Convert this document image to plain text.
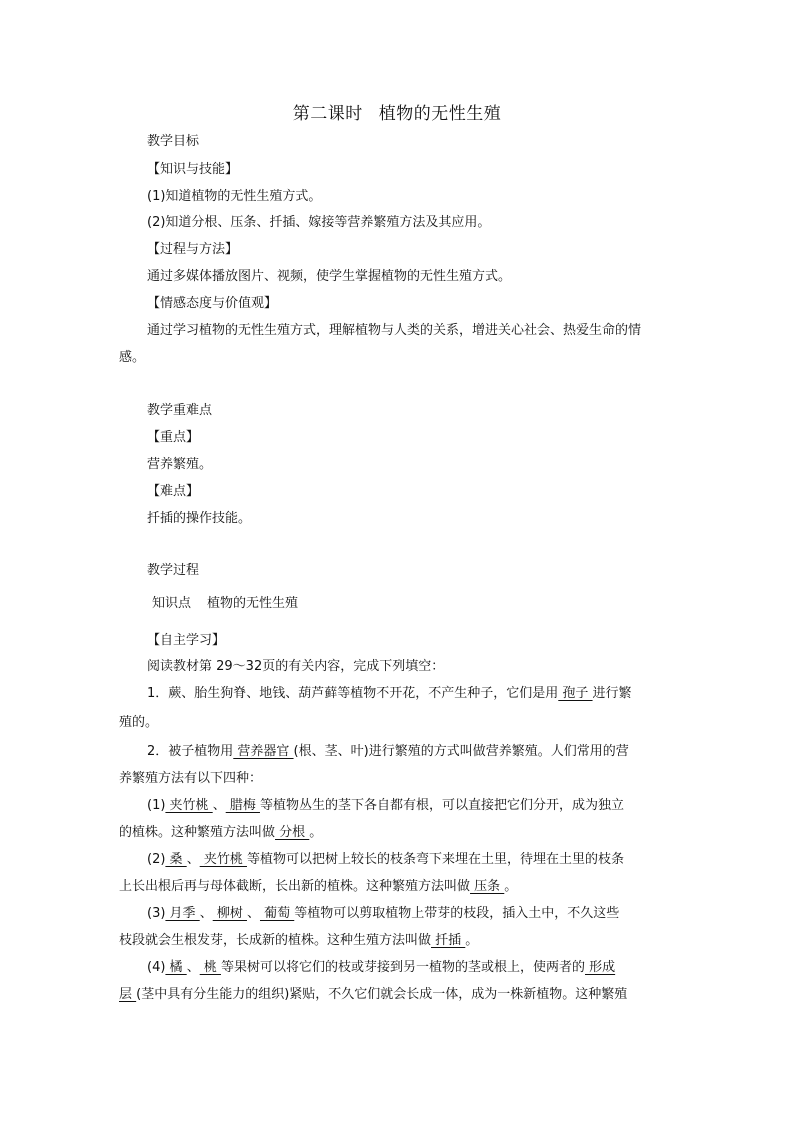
第二课时 植物的无性生殖
教学目标
【知识与技能】
(1)知道植物的无性生殖方式。
(2)知道分根、压条、扦插、嫁接等营养繁殖方法及其应用。
【过程与方法】
通过多媒体播放图片、视频，使学生掌握植物的无性生殖方式。
【情感态度与价值观】
通过学习植物的无性生殖方式，理解植物与人类的关系，增进关心社会、热爱生命的情
感。
教学重难点
【重点】
营养繁殖。
【难点】
扦插的操作技能。
教学过程
知识点 植物的无性生殖
【自主学习】
阅读教材第 29～32页的有关内容，完成下列填空：
1．蕨、胎生狗脊、地钱、葫芦藓等植物不开花，不产生种子，它们是用 孢子 进行繁
殖的。
2．被子植物用 营养器官 (根、茎、叶)进行繁殖的方式叫做营养繁殖。人们常用的营
养繁殖方法有以下四种：
(1) 夹竹桃 、 腊梅 等植物丛生的茎下各自都有根，可以直接把它们分开，成为独立
的植株。这种繁殖方法叫做 分根 。
(2) 桑 、 夹竹桃 等植物可以把树上较长的枝条弯下来埋在土里，待埋在土里的枝条
上长出根后再与母体截断，长出新的植株。这种繁殖方法叫做 压条 。
(3) 月季 、 柳树 、 葡萄 等植物可以剪取植物上带芽的枝段，插入土中，不久这些
枝段就会生根发芽，长成新的植株。这种生殖方法叫做 扦插 。
(4) 橘 、 桃 等果树可以将它们的枝或芽接到另一植物的茎或根上，使两者的 形成
层 (茎中具有分生能力的组织)紧贴，不久它们就会长成一体，成为一株新植物。这种繁殖
